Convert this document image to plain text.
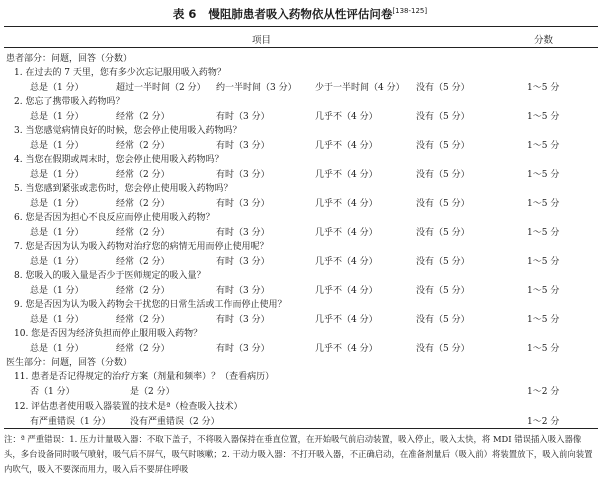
表 6 慢阻肺患者吸入药物依从性评估问卷[138-125]
项目	分数
患者部分：问题，回答（分数）
1. 在过去的 7 天里，您有多少次忘记服用吸入药物？
总是（1 分）	超过一半时间（2 分） 约一半时间（3 分） 少于一半时间（4 分） 没有（5 分）	1～5 分
2. 您忘了携带吸入药物吗？
总是（1 分）	经常（2 分）	有时（3 分）	几乎不（4 分）	没有（5 分）	1～5 分
3. 当您感觉病情良好的时候，您会停止使用吸入药物吗？
总是（1 分）	经常（2 分）	有时（3 分）	几乎不（4 分）	没有（5 分）	1～5 分
4. 当您在假期或周末时，您会停止使用吸入药物吗？
总是（1 分）	经常（2 分）	有时（3 分）	几乎不（4 分）	没有（5 分）	1～5 分
5. 当您感到紧张或悲伤时，您会停止使用吸入药物吗？
总是（1 分）	经常（2 分）	有时（3 分）	几乎不（4 分）	没有（5 分）	1～5 分
6. 您是否因为担心不良反应而停止使用吸入药物？
总是（1 分）	经常（2 分）	有时（3 分）	几乎不（4 分）	没有（5 分）	1～5 分
7. 您是否因为认为吸入药物对治疗您的病情无用而停止使用呢？
总是（1 分）	经常（2 分）	有时（3 分）	几乎不（4 分）	没有（5 分）	1～5 分
8. 您吸入的吸入量是否少于医师规定的吸入量？
总是（1 分）	经常（2 分）	有时（3 分）	几乎不（4 分）	没有（5 分）	1～5 分
9. 您是否因为认为吸入药物会干扰您的日常生活或工作而停止使用？
总是（1 分）	经常（2 分）	有时（3 分）	几乎不（4 分）	没有（5 分）	1～5 分
10. 您是否因为经济负担而停止服用吸入药物？
总是（1 分）	经常（2 分）	有时（3 分）	几乎不（4 分）	没有（5 分）	1～5 分
医生部分：问题，回答（分数）
11. 患者是否记得规定的治疗方案（剂量和频率）？（查看病历）
否（1 分）	是（2 分）	1～2 分
12. 评估患者使用吸入器装置的技术是ª（检查吸入技术）
有严重错误（1 分） 没有严重错误（2 分）	1～2 分
注：ª 严重错误：1. 压力计量吸入器：不取下盖子，不将吸入器保持在垂直位置，在开始吸气前启动装置，吸入停止，吸入太快，将 MDI 错误插入吸入器像头，多台设备同时吸气喷射，吸气后不屏气，吸气时咳嗽；2. 干动力吸入器：不打开吸入器，不正确启动，在准备剂量后（吸入前）将装置放下，吸入前向装置内吹气，吸入不要深而用力，吸入后不要屏住呼吸
